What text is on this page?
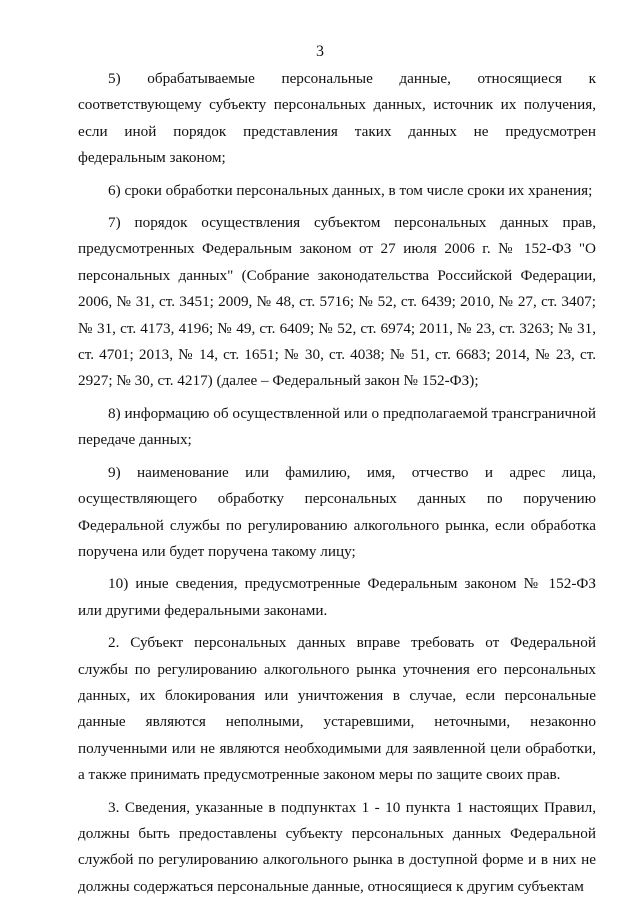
3

5) обрабатываемые персональные данные, относящиеся к соответствующему субъекту персональных данных, источник их получения, если иной порядок представления таких данных не предусмотрен федеральным законом;

6) сроки обработки персональных данных, в том числе сроки их хранения;

7) порядок осуществления субъектом персональных данных прав, предусмотренных Федеральным законом от 27 июля 2006 г. № 152-ФЗ "О персональных данных" (Собрание законодательства Российской Федерации, 2006, № 31, ст. 3451; 2009, № 48, ст. 5716; № 52, ст. 6439; 2010, № 27, ст. 3407; № 31, ст. 4173, 4196; № 49, ст. 6409; № 52, ст. 6974; 2011, № 23, ст. 3263; № 31, ст. 4701; 2013, № 14, ст. 1651; № 30, ст. 4038; № 51, ст. 6683; 2014, № 23, ст. 2927; № 30, ст. 4217) (далее – Федеральный закон № 152-ФЗ);

8) информацию об осуществленной или о предполагаемой трансграничной передаче данных;

9) наименование или фамилию, имя, отчество и адрес лица, осуществляющего обработку персональных данных по поручению Федеральной службы по регулированию алкогольного рынка, если обработка поручена или будет поручена такому лицу;

10) иные сведения, предусмотренные Федеральным законом № 152-ФЗ или другими федеральными законами.

2. Субъект персональных данных вправе требовать от Федеральной службы по регулированию алкогольного рынка уточнения его персональных данных, их блокирования или уничтожения в случае, если персональные данные являются неполными, устаревшими, неточными, незаконно полученными или не являются необходимыми для заявленной цели обработки, а также принимать предусмотренные законом меры по защите своих прав.

3. Сведения, указанные в подпунктах 1 - 10 пункта 1 настоящих Правил, должны быть предоставлены субъекту персональных данных Федеральной службой по регулированию алкогольного рынка в доступной форме и в них не должны содержаться персональные данные, относящиеся к другим субъектам
